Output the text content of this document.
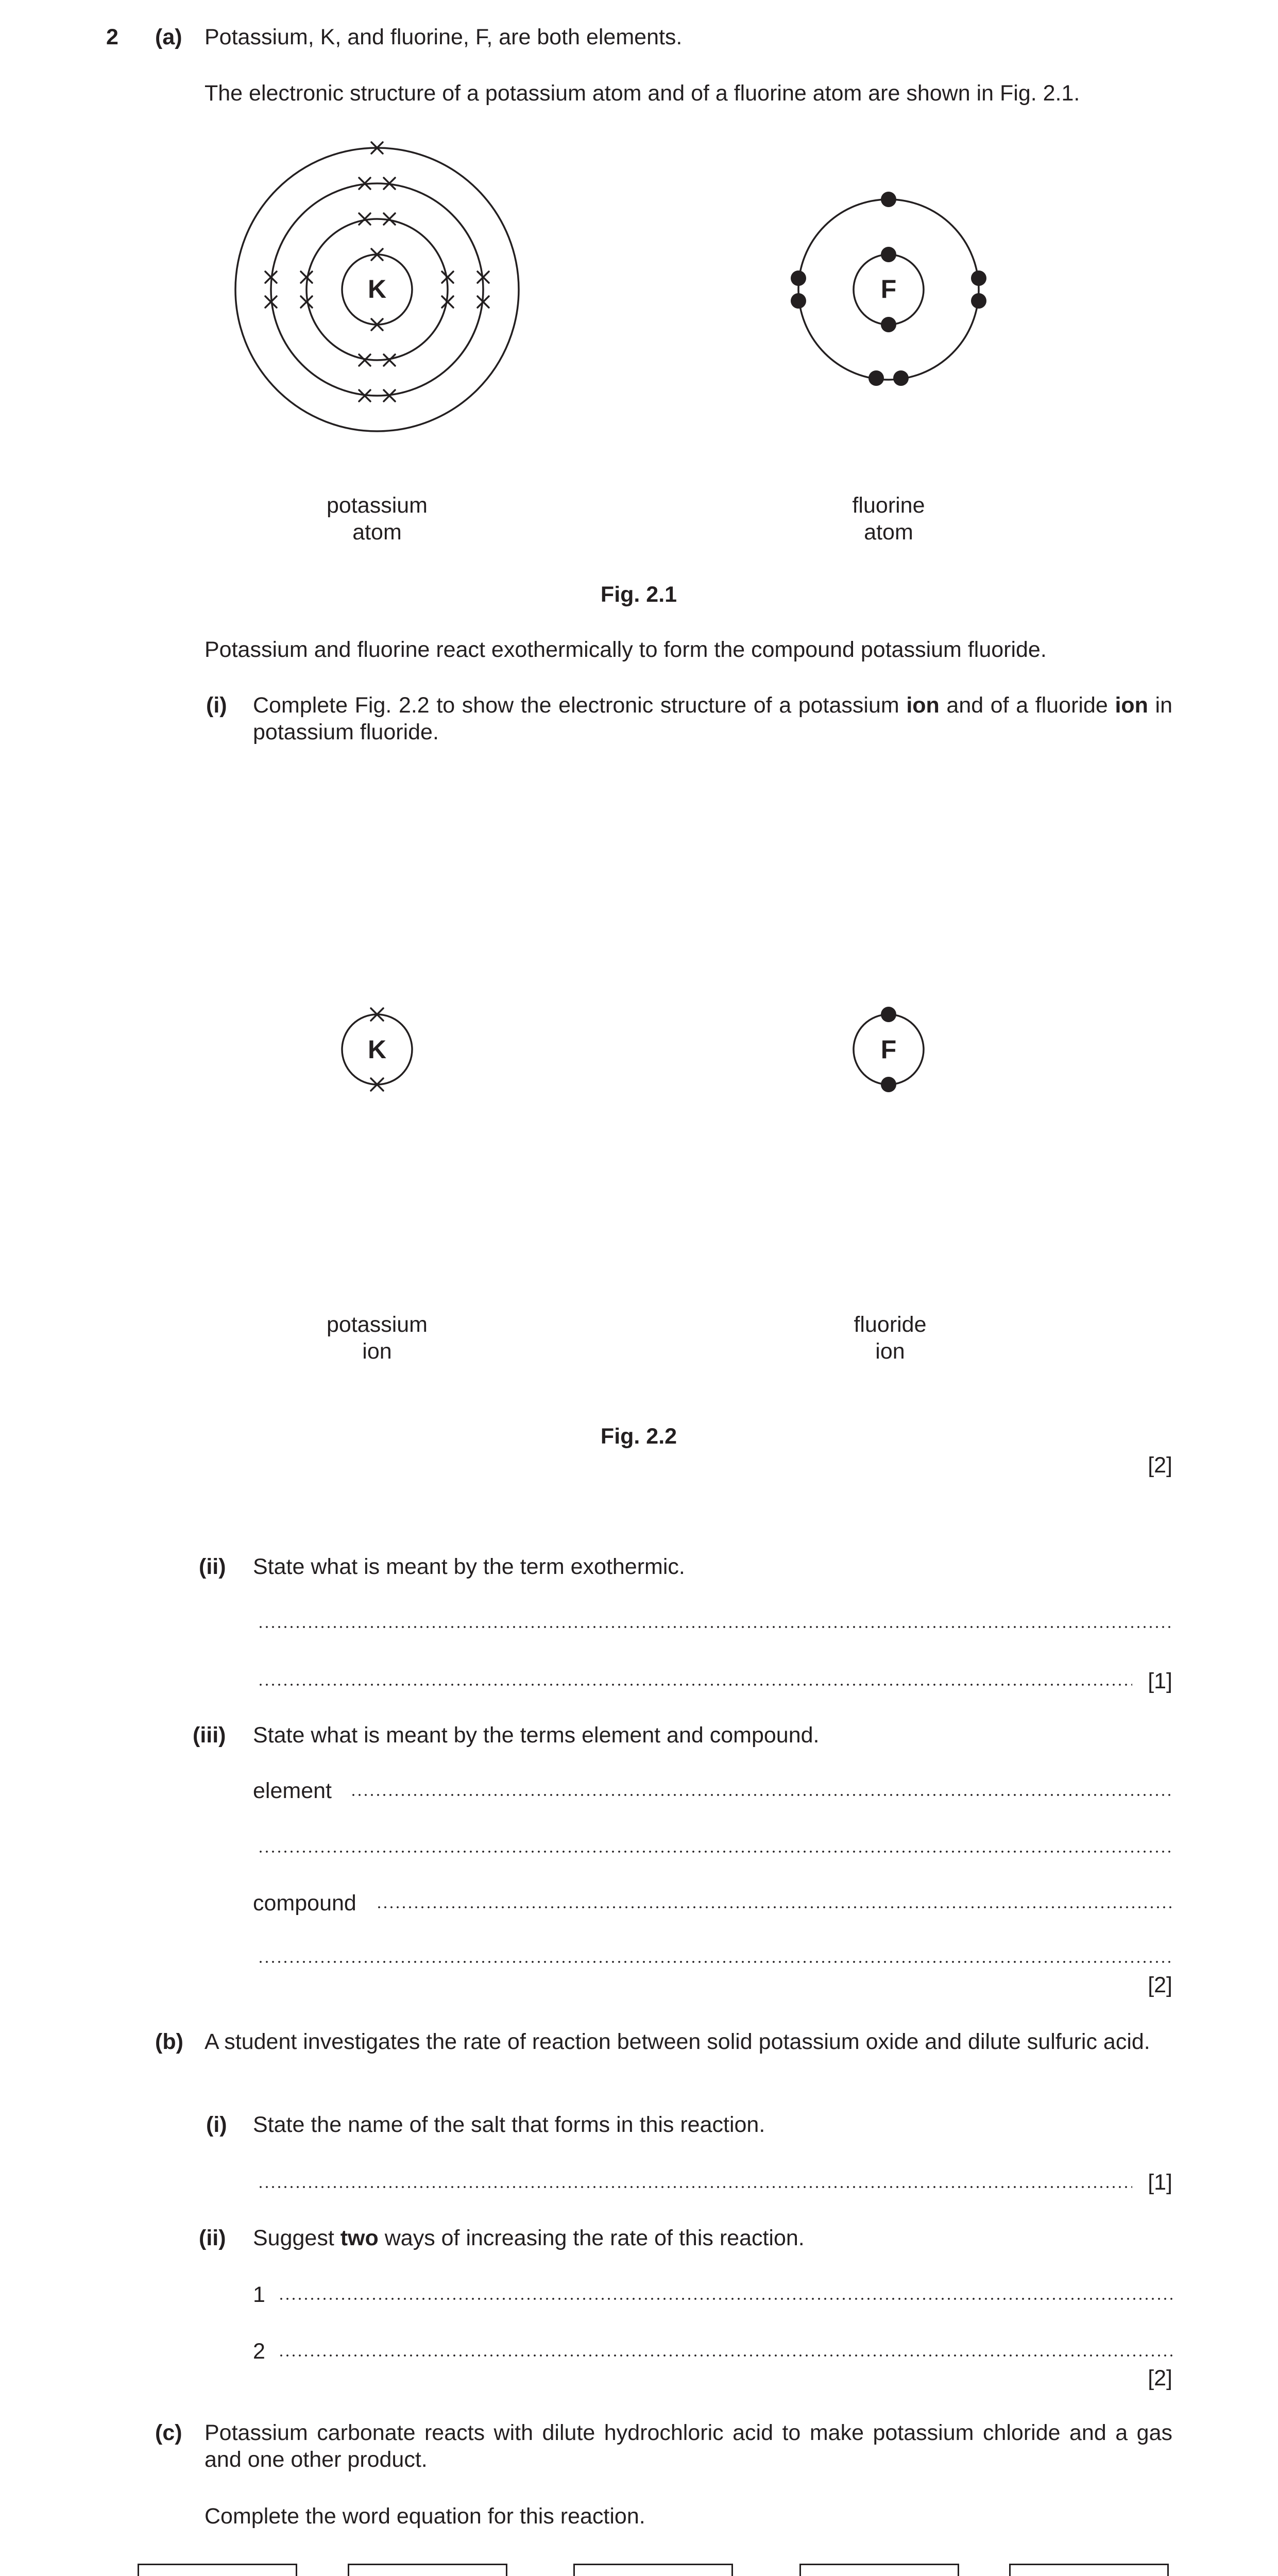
2 (a) Potassium, K, and fluorine, F, are both elements.
The electronic structure of a potassium atom and of a fluorine atom are shown in Fig. 2.1.
K	F
potassium
atom
fluorine
atom
Fig. 2.1
Potassium and fluorine react exothermically to form the compound potassium fluoride.
(i) Complete Fig. 2.2 to show the electronic structure of a potassium ion and of a fluoride ion in potassium fluoride.
K	F
potassium
ion
fluoride
ion
Fig. 2.2
[2]
(ii) State what is meant by the term exothermic.
[1]
(iii) State what is meant by the terms element and compound.
element
compound
[2]
(b) A student investigates the rate of reaction between solid potassium oxide and dilute sulfuric acid.
(i) State the name of the salt that forms in this reaction.
[1]
(ii) Suggest two ways of increasing the rate of this reaction.
1
2
[2]
(c) Potassium carbonate reacts with dilute hydrochloric acid to make potassium chloride and a gas and one other product.
Complete the word equation for this reaction.
